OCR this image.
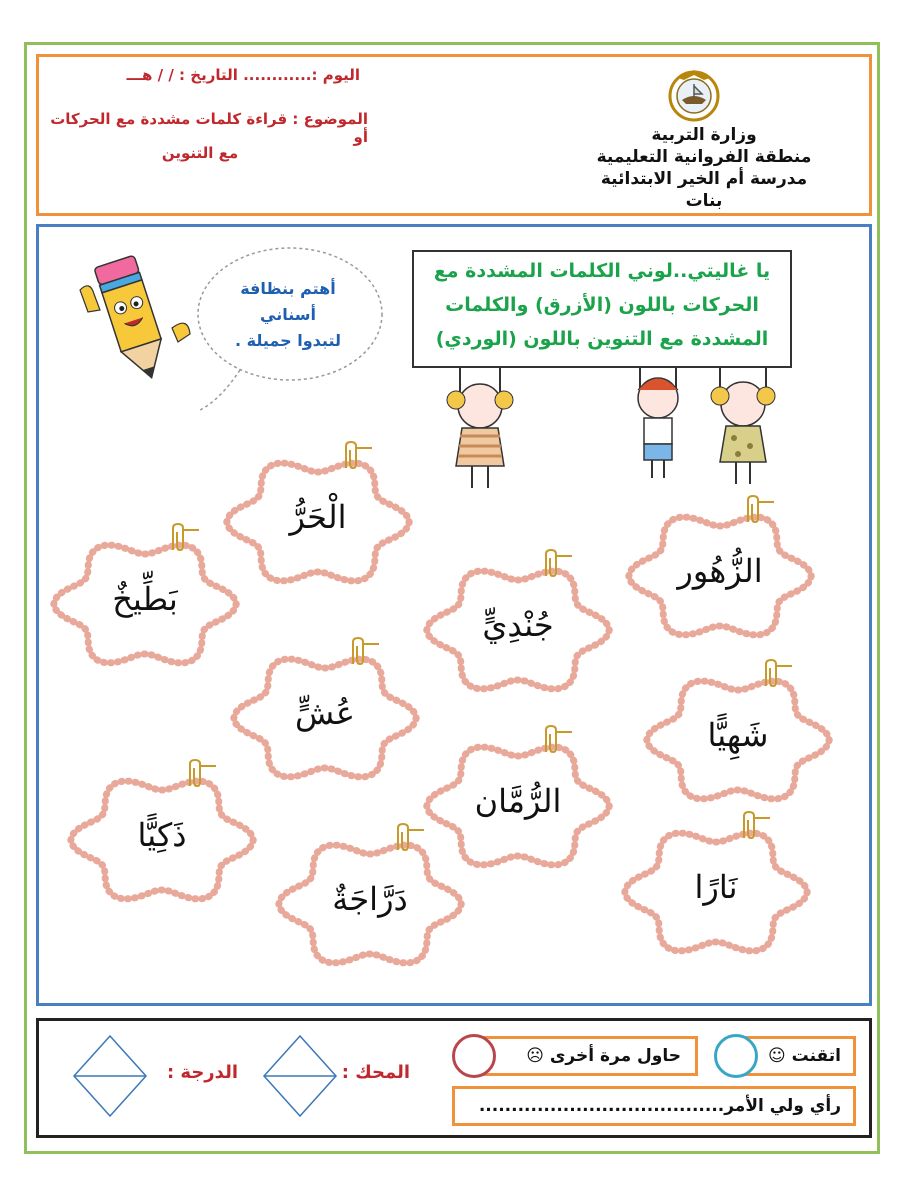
اليوم :............ التاريخ : / / هـــ
الموضوع : قراءة كلمات مشددة مع الحركات أو
مع التنوين
وزارة التربية
منطقة الفروانية التعليمية
مدرسة أم الخير الابتدائية بنات
أهتم بنظافة أسناني
لتبدوا جميلة .
يا غاليتي..لوني الكلمات المشددة مع
الحركات باللون (الأزرق) والكلمات
المشددة مع التنوين باللون (الوردي)
الْحَرُّ
الزُّهُور
بَطِّيخٌ
جُنْدِيٍّ
عُشٍّ
شَهِيًّا
الرُّمَّان
ذَكِيًّا
دَرَّاجَةٌ	نَارًا
اتقنت ☺
حاول مرة أخرى ☹
رأي ولي الأمر......................................
المحك :
الدرجة :
